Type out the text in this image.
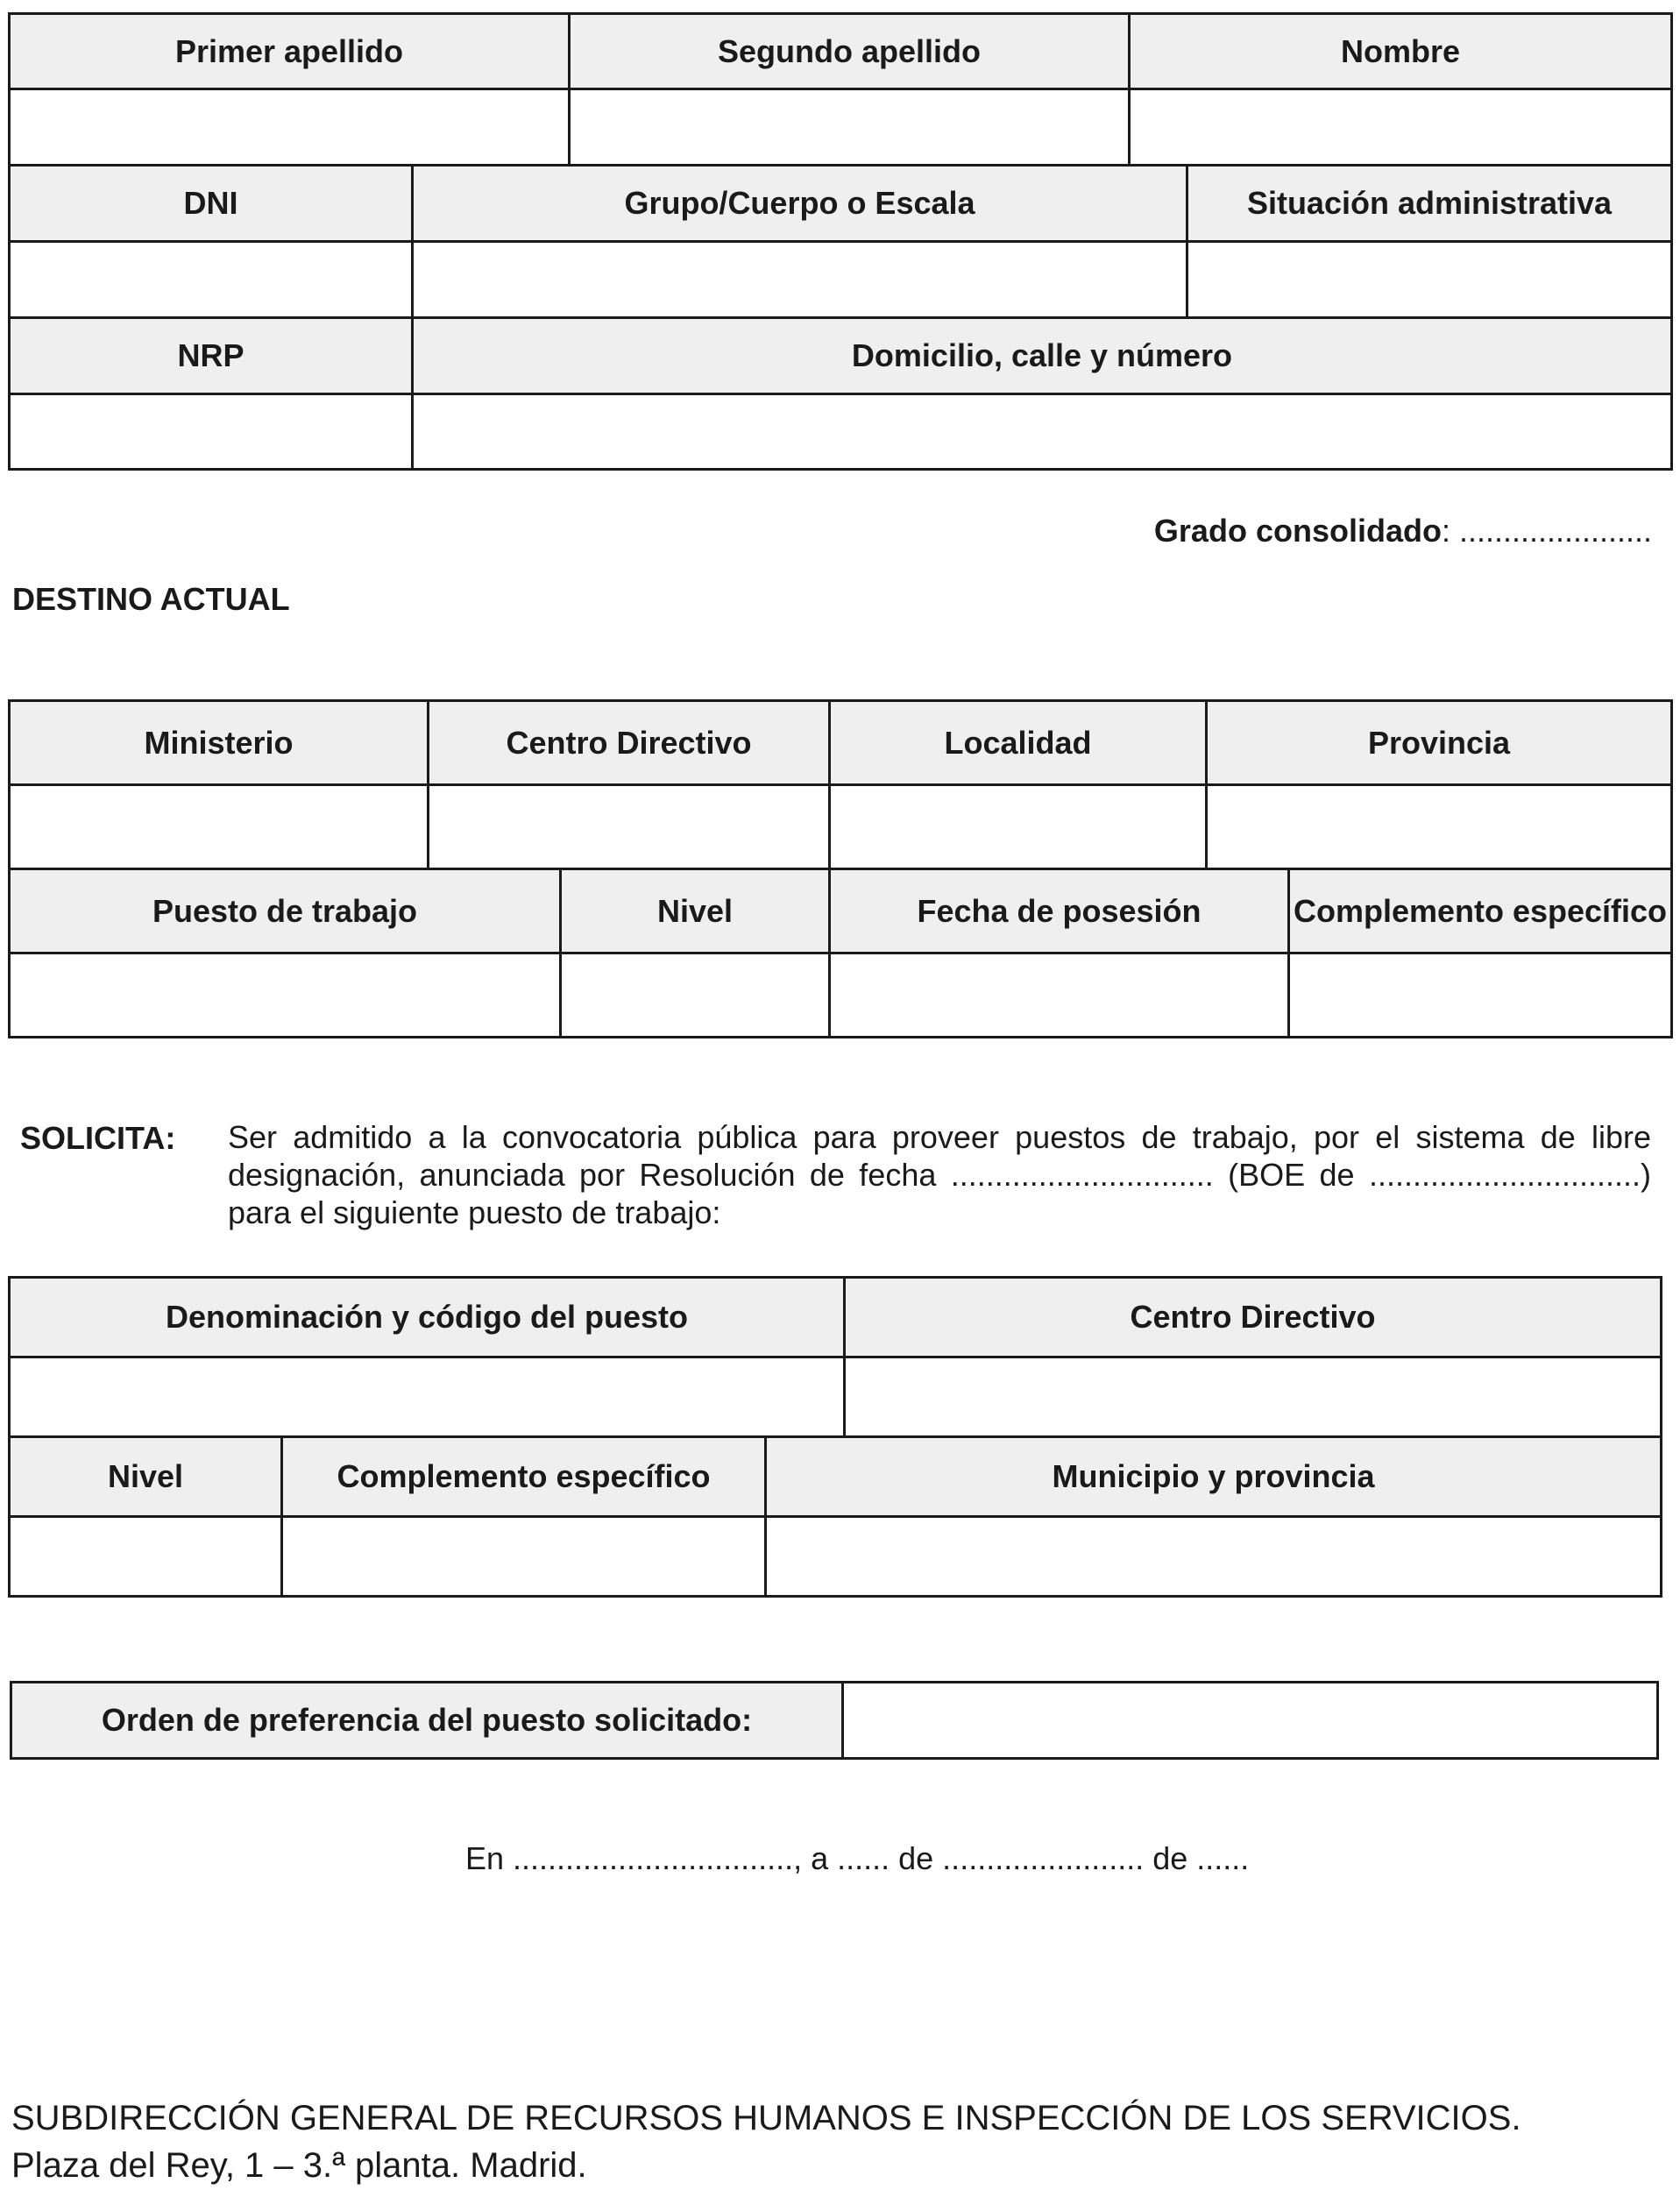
Primer apellido		Segundo apellido	Nombre	

DNI	Grupo/Cuerpo o Escala			Situación administrativa

NRP	Domicilio, calle y número			

Grado consolidado: ......................
DESTINO ACTUAL
Ministerio	Centro Directivo		Localidad	Provincia	

Puesto de trabajo		Nivel	Fecha de posesión		Complemento específico

SOLICITA: Ser admitido a la convocatoria pública para proveer puestos de trabajo, por el sistema de libre
designación, anunciada por Resolución de fecha .............................. (BOE de ...............................)
para el siguiente puesto de trabajo:
Denominación y código del puesto			Centro Directivo

Nivel	Complemento específico	Municipio y provincia	

Orden de preferencia del puesto solicitado:	
En ................................, a ...... de ....................... de ......
SUBDIRECCIÓN GENERAL DE RECURSOS HUMANOS E INSPECCIÓN DE LOS SERVICIOS.
Plaza del Rey, 1 – 3.ª planta. Madrid.
